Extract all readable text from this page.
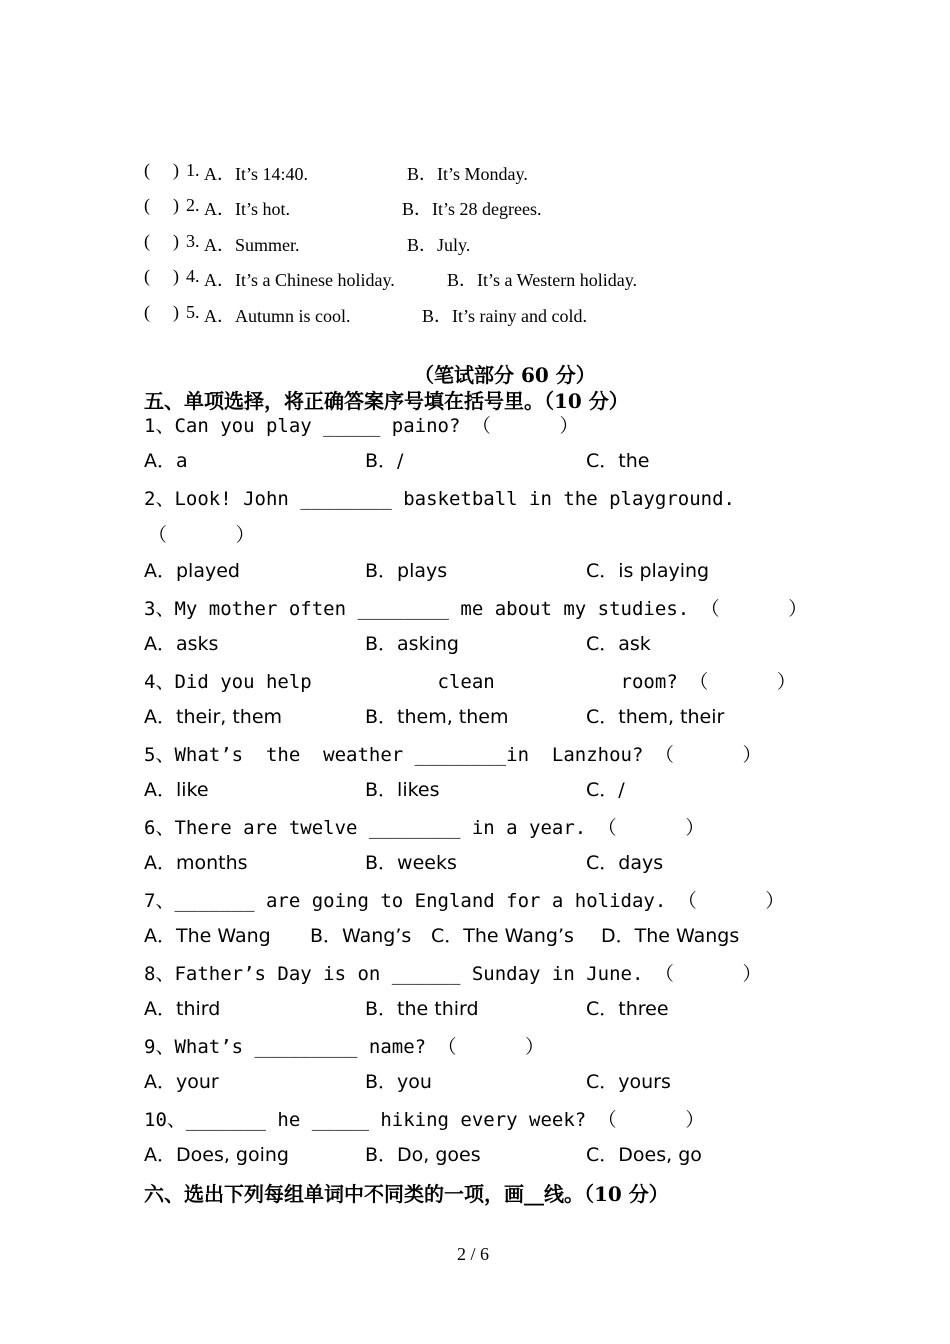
( ) 1. A．It’s 14:40.	B．It’s Monday.
( ) 2. A．It’s hot.	B．It’s 28 degrees.
( ) 3. A．Summer.	B．July.
( ) 4. A．It’s a Chinese holiday.	B．It’s a Western holiday.
( ) 5. A．Autumn is cool.	B．It’s rainy and cold.
（笔试部分 60 分）
五、单项选择，将正确答案序号填在括号里。（10 分）
1、Can you play _____ paino? （      ）
A．a	B．/	C．the
2、Look! John ________ basketball in the playground.
（      ）
A．played	B．plays	C．is playing
3、My mother often ________ me about my studies. （      ）
A．asks	B．asking	C．ask
4、Did you help           clean           room? （      ）
A．their, them	B．them, them	C．them, their
5、What’s  the  weather ________in  Lanzhou? （      ）
A．like	B．likes	C．/
6、There are twelve ________ in a year. （      ）
A．months	B．weeks	C．days
7、_______ are going to England for a holiday. （      ）
A．The Wang B．Wang’s C．The Wang’s D．The Wangs
8、Father’s Day is on ______ Sunday in June. （      ）
A．third	B．the third	C．three
9、What’s _________ name? （      ）
A．your	B．you	C．yours
10、_______ he _____ hiking every week? （      ）
A．Does, going	B．Do, goes	C．Does, go
六、选出下列每组单词中不同类的一项，画__线。（10 分）
2 / 6
